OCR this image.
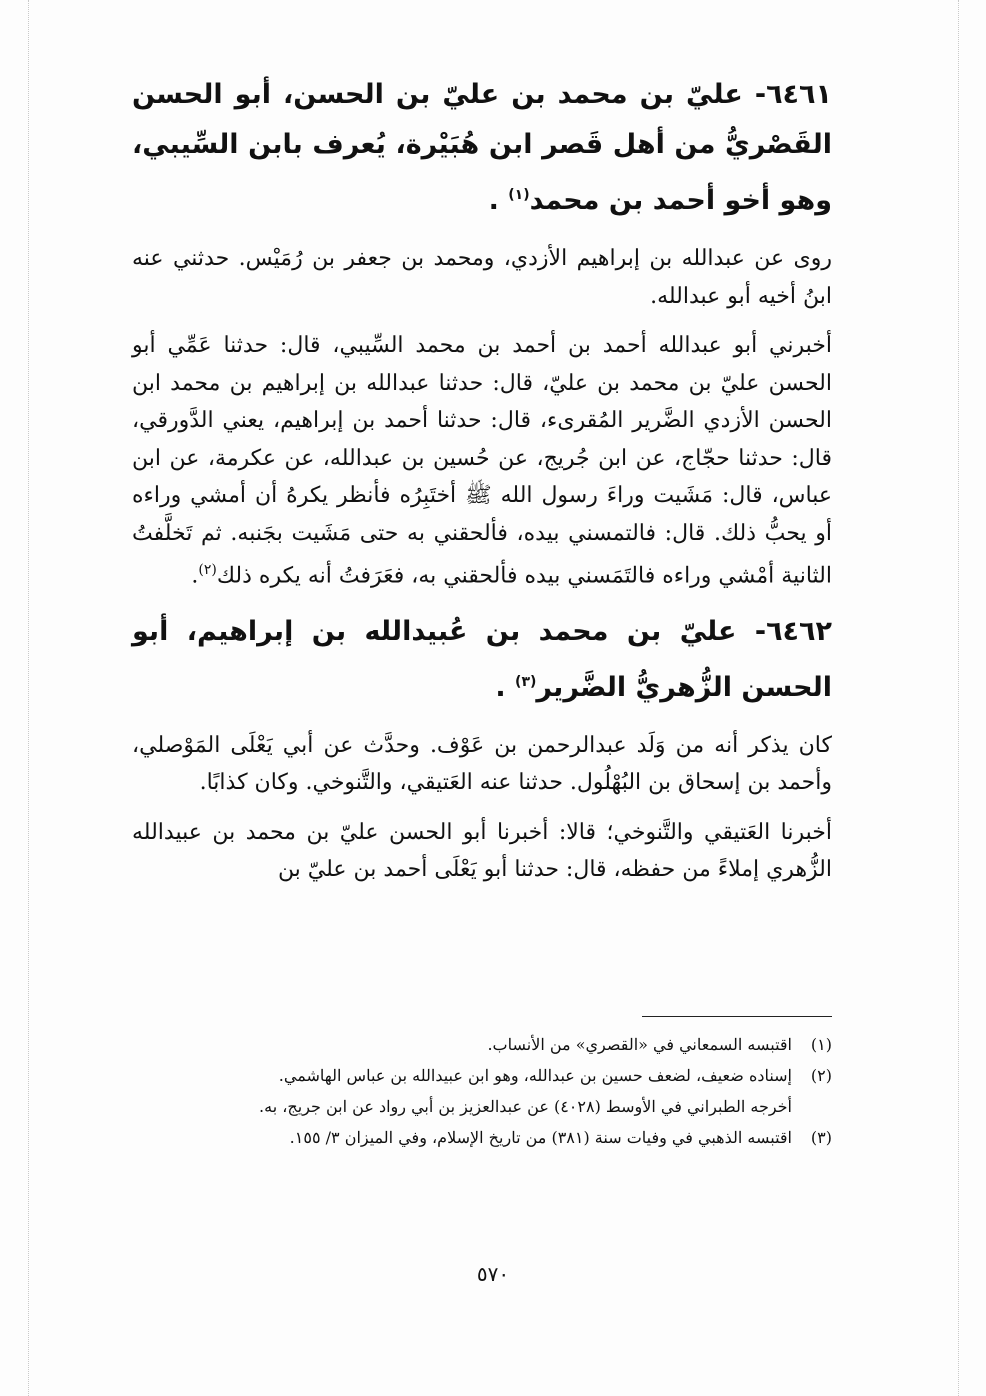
٦٤٦١- عليّ بن محمد بن عليّ بن الحسن، أبو الحسن القَصْريُّ من أهل قَصر ابن هُبَيْرة، يُعرف بابن السِّيبي، وهو أخو أحمد بن محمد$^{(١)}$ .

روى عن عبدالله بن إبراهيم الأزدي، ومحمد بن جعفر بن رُمَيْس. حدثني عنه ابنُ أخيه أبو عبدالله.

أخبرني أبو عبدالله أحمد بن أحمد بن محمد السِّيبي، قال: حدثنا عَمِّي أبو الحسن عليّ بن محمد بن عليّ، قال: حدثنا عبدالله بن إبراهيم بن محمد ابن الحسن الأزدي الضَّرير المُقرىء، قال: حدثنا أحمد بن إبراهيم، يعني الدَّورقي، قال: حدثنا حجّاج، عن ابن جُريج، عن حُسين بن عبدالله، عن عكرمة، عن ابن عباس، قال: مَشَيت وراءَ رسول الله ﷺ أختَبِرُه فأنظر يكرهُ أن أمشي وراءه أو يحبُّ ذلك. قال: فالتمسني بيده، فألحقني به حتى مَشَيت بجَنبه. ثم تَخلَّفتُ الثانية أمْشي وراءه فالتَمَسني بيده فألحقني به، فعَرَفتُ أنه يكره ذلك$^{(٢)}$.

٦٤٦٢- عليّ بن محمد بن عُبيدالله بن إبراهيم، أبو الحسن الزُّهريُّ الضَّرير$^{(٣)}$ .

كان يذكر أنه من وَلَد عبدالرحمن بن عَوْف. وحدَّث عن أبي يَعْلَى المَوْصلي، وأحمد بن إسحاق بن البُهْلُول. حدثنا عنه العَتيقي، والتَّنوخي. وكان كذابًا.

أخبرنا العَتيقي والتَّنوخي؛ قالا: أخبرنا أبو الحسن عليّ بن محمد بن عبيدالله الزُّهري إملاءً من حفظه، قال: حدثنا أبو يَعْلَى أحمد بن عليّ بن

(١)اقتبسه السمعاني في «القصري» من الأنساب.

(٢)إسناده ضعيف، لضعف حسين بن عبدالله، وهو ابن عبيدالله بن عباس الهاشمي.

أخرجه الطبراني في الأوسط (٤٠٢٨) عن عبدالعزيز بن أبي رواد عن ابن جريج، به.

(٣)اقتبسه الذهبي في وفيات سنة (٣٨١) من تاريخ الإسلام، وفي الميزان ٣/ ١٥٥.

٥٧٠
